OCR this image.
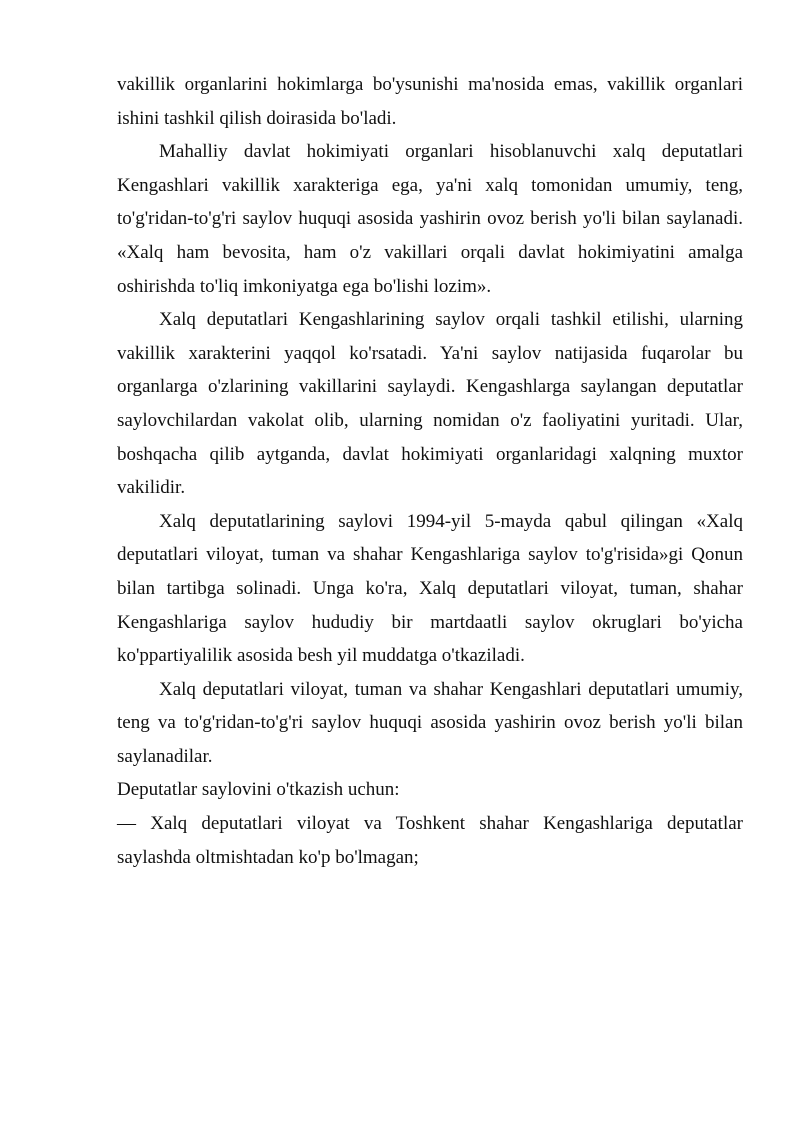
vakillik organlarini hokimlarga bo'ysunishi ma'nosida emas, vakillik organlari ishini tashkil qilish doirasida bo'ladi.

Mahalliy davlat hokimiyati organlari hisoblanuvchi xalq deputatlari Kengashlari vakillik xarakteriga ega, ya'ni xalq tomonidan umumiy, teng, to'g'ridan-to'g'ri saylov huquqi asosida yashirin ovoz berish yo'li bilan saylanadi. «Xalq ham bevosita, ham o'z vakillari orqali davlat hokimiyatini amalga oshirishda to'liq imkoniyatga ega bo'lishi lozim».

Xalq deputatlari Kengashlarining saylov orqali tashkil etilishi, ularning vakillik xarakterini yaqqol ko'rsatadi. Ya'ni saylov natijasida fuqarolar bu organlarga o'zlarining vakillarini saylaydi. Kengashlarga saylangan deputatlar saylovchilardan vakolat olib, ularning nomidan o'z faoliyatini yuritadi. Ular, boshqacha qilib aytganda, davlat hokimiyati organlaridagi xalqning muxtor vakilidir.

Xalq deputatlarining saylovi 1994-yil 5-mayda qabul qilingan «Xalq deputatlari viloyat, tuman va shahar Kengashlariga saylov to'g'risida»gi Qonun bilan tartibga solinadi. Unga ko'ra, Xalq deputatlari viloyat, tuman, shahar Kengashlariga saylov hududiy bir martdaatli saylov okruglari bo'yicha ko'ppartiyalilik asosida besh yil muddatga o'tkaziladi.

Xalq deputatlari viloyat, tuman va shahar Kengashlari deputatlari umumiy, teng va to'g'ridan-to'g'ri saylov huquqi asosida yashirin ovoz berish yo'li bilan saylanadilar.

Deputatlar saylovini o'tkazish uchun:

— Xalq deputatlari viloyat va Toshkent shahar Kengashlariga deputatlar saylashda oltmishtadan ko'p bo'lmagan;
